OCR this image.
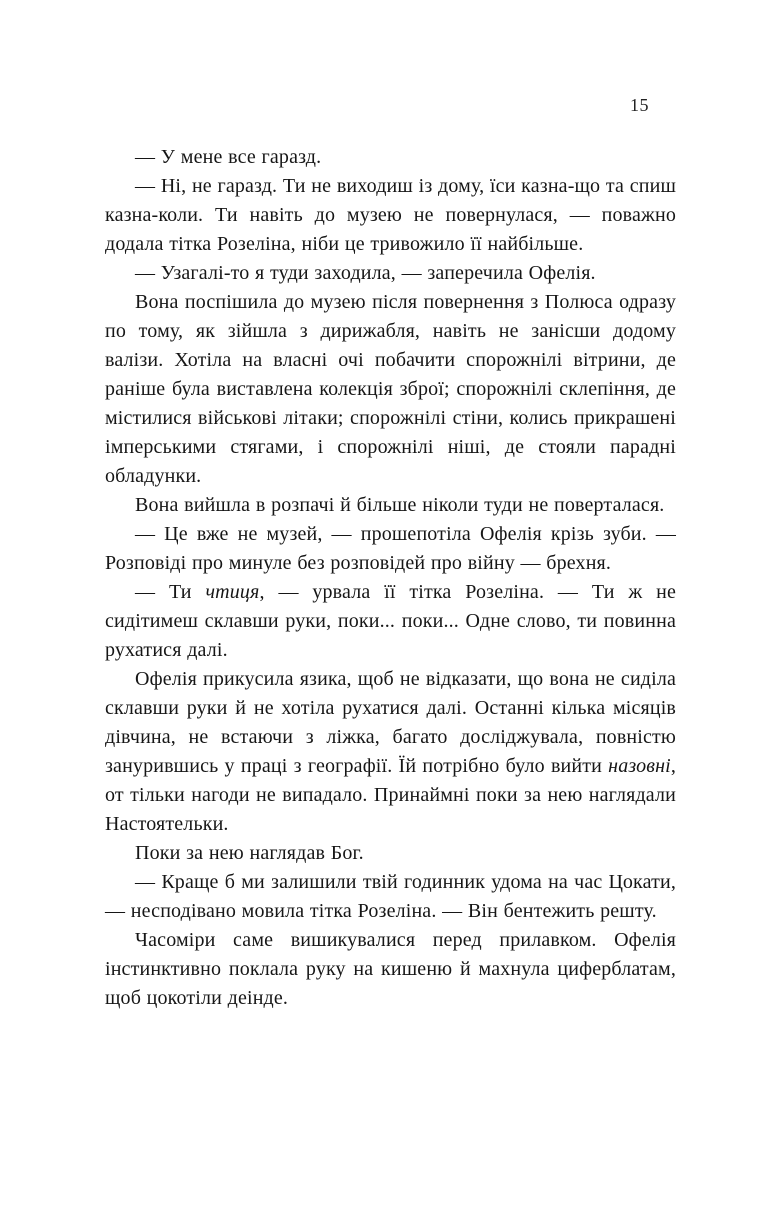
15

— У мене все гаразд.

— Ні, не гаразд. Ти не виходиш із дому, їси казна-що та спиш казна-коли. Ти навіть до музею не повернулася, — поважно додала тітка Розеліна, ніби це тривожило її найбільше.

— Узагалі-то я туди заходила, — заперечила Офелія.

Вона поспішила до музею після повернення з Полюса одразу по тому, як зійшла з дирижабля, навіть не занісши додому валізи. Хотіла на власні очі побачити спорожнілі вітрини, де раніше була виставлена колекція зброї; спорожнілі склепіння, де містилися військові літаки; спорожнілі стіни, колись прикрашені імперськими стягами, і спорожнілі ніші, де стояли парадні обладунки.

Вона вийшла в розпачі й більше ніколи туди не поверталася.

— Це вже не музей, — прошепотіла Офелія крізь зуби. — Розповіді про минуле без розповідей про війну — брехня.

— Ти чтиця, — урвала її тітка Розеліна. — Ти ж не сидітимеш склавши руки, поки... поки... Одне слово, ти повинна рухатися далі.

Офелія прикусила язика, щоб не відказати, що вона не сиділа склавши руки й не хотіла рухатися далі. Останні кілька місяців дівчина, не встаючи з ліжка, багато досліджувала, повністю занурившись у праці з географії. Їй потрібно було вийти назовні, от тільки нагоди не випадало. Принаймні поки за нею наглядали Настоятельки.

Поки за нею наглядав Бог.

— Краще б ми залишили твій годинник удома на час Цокати, — несподівано мовила тітка Розеліна. — Він бентежить решту.

Часоміри саме вишикувалися перед прилавком. Офелія інстинктивно поклала руку на кишеню й махнула циферблатам, щоб цокотіли деінде.
